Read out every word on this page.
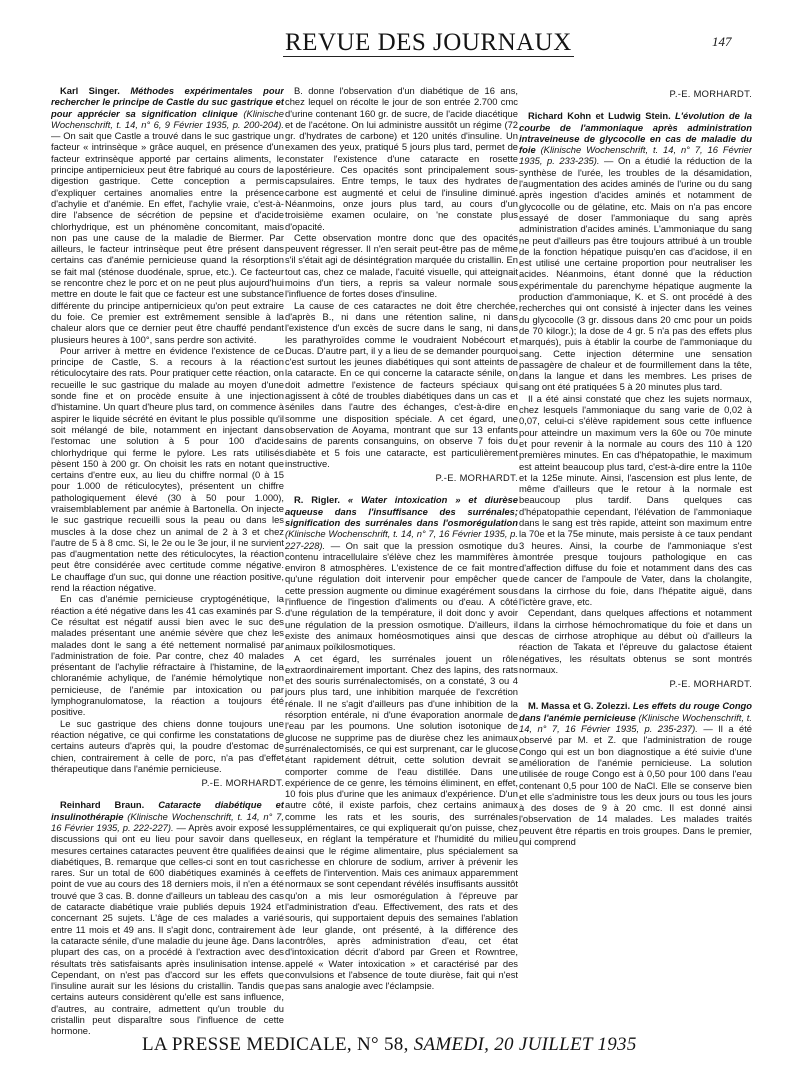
REVUE DES JOURNAUX	147

Karl Singer. Méthodes expérimentales pour rechercher le principe de Castle du suc gastrique et pour apprécier sa signification clinique (Klinische Wochenschrift, t. 14, n° 6, 9 Février 1935, p. 200-204). — On sait que Castle a trouvé dans le suc gastrique un facteur « intrinsèque » grâce auquel, en présence d'un facteur extrinsèque apporté par certains aliments, le principe antipernicieux peut être fabriqué au cours de la digestion gastrique. Cette conception a permis d'expliquer certaines anomalies entre la présence d'achylie et d'anémie. En effet, l'achylie vraie, c'est-à-dire l'absence de sécrétion de pepsine et d'acide chlorhydrique, est un phénomène concomitant, mais non pas une cause de la maladie de Biermer. Par ailleurs, le facteur intrinsèque peut être présent dans certains cas d'anémie pernicieuse quand la résorption se fait mal (sténose duodénale, sprue, etc.). Ce facteur se rencontre chez le porc et on ne peut plus aujourd'hui mettre en doute le fait que ce facteur est une substance différente du principe antipernicieux qu'on peut extraire du foie. Ce premier est extrêmement sensible à la chaleur alors que ce dernier peut être chauffé pendant plusieurs heures à 100°, sans perdre son activité.

Pour arriver à mettre en évidence l'existence de ce principe de Castle, S. a recours à la réaction réticulocytaire des rats. Pour pratiquer cette réaction, on recueille le suc gastrique du malade au moyen d'une sonde fine et on procède ensuite à une injection d'histamine. Un quart d'heure plus tard, on commence à aspirer le liquide sécrété en évitant le plus possible qu'il soit mélangé de bile, notamment en injectant dans l'estomac une solution à 5 pour 100 d'acide chlorhydrique qui ferme le pylore. Les rats utilisés pèsent 150 à 200 gr. On choisit les rats en notant que certains d'entre eux, au lieu du chiffre normal (0 à 15 pour 1.000 de réticulocytes), présentent un chiffre pathologiquement élevé (30 à 50 pour 1.000), vraisemblablement par anémie à Bartonella. On injecte le suc gastrique recueilli sous la peau ou dans les muscles à la dose chez un animal de 2 à 3 et chez l'autre de 5 à 8 cmc. Si, le 2e ou le 3e jour, il ne survient pas d'augmentation nette des réticulocytes, la réaction peut être considérée avec certitude comme négative. Le chauffage d'un suc, qui donne une réaction positive, rend la réaction négative.

En cas d'anémie pernicieuse cryptogénétique, la réaction a été négative dans les 41 cas examinés par S. Ce résultat est négatif aussi bien avec le suc des malades présentant une anémie sévère que chez les malades dont le sang a été nettement normalisé par l'administration de foie. Par contre, chez 40 malades présentant de l'achylie réfractaire à l'histamine, de la chloranémie achylique, de l'anémie hémolytique non pernicieuse, de l'anémie par intoxication ou par lymphogranulomatose, la réaction a toujours été positive.

Le suc gastrique des chiens donne toujours une réaction négative, ce qui confirme les constatations de certains auteurs d'après qui, la poudre d'estomac de chien, contrairement à celle de porc, n'a pas d'effet thérapeutique dans l'anémie pernicieuse.

P.-E. MORHARDT.

Reinhard Braun. Cataracte diabétique et insulinothérapie (Klinische Wochenschrift, t. 14, n° 7, 16 Février 1935, p. 222-227). — Après avoir exposé les discussions qui ont eu lieu pour savoir dans quelles mesures certaines cataractes peuvent être qualifiées de diabétiques, B. remarque que celles-ci sont en tout cas rares. Sur un total de 600 diabétiques examinés à ce point de vue au cours des 18 derniers mois, il n'en a été trouvé que 3 cas. B. donne d'ailleurs un tableau des cas de cataracte diabétique vraie publiés depuis 1924 et concernant 25 sujets. L'âge de ces malades a varié entre 11 mois et 49 ans. Il s'agit donc, contrairement à la cataracte sénile, d'une maladie du jeune âge. Dans la plupart des cas, on a procédé à l'extraction avec des résultats très satisfaisants après insulinisation intense. Cependant, on n'est pas d'accord sur les effets que l'insuline aurait sur les lésions du cristallin. Tandis que certains auteurs considèrent qu'elle est sans influence, d'autres, au contraire, admettent qu'un trouble du cristallin peut disparaître sous l'influence de cette hormone.

B. donne l'observation d'un diabétique de 16 ans, chez lequel on récolte le jour de son entrée 2.700 cmc d'urine contenant 160 gr. de sucre, de l'acide diacétique et de l'acétone. On lui administre aussitôt un régime (72 gr. d'hydrates de carbone) et 120 unités d'insuline. Un examen des yeux, pratiqué 5 jours plus tard, permet de constater l'existence d'une cataracte en rosette postérieure. Ces opacités sont principalement sous-capsulaires. Entre temps, le taux des hydrates de carbone est augmenté et celui de l'insuline diminué. Néanmoins, onze jours plus tard, au cours d'un troisième examen oculaire, on 'ne constate plus d'opacité.

Cette observation montre donc que des opacités peuvent régresser. Il n'en serait peut-être pas de même s'il s'était agi de désintégration marquée du cristallin. En tout cas, chez ce malade, l'acuité visuelle, qui atteignait moins d'un tiers, a repris sa valeur normale sous l'influence de fortes doses d'insuline.

La cause de ces cataractes ne doit être cherchée, d'après B., ni dans une rétention saline, ni dans l'existence d'un excès de sucre dans le sang, ni dans les parathyroïdes comme le voudraient Nobécourt et Ducas. D'autre part, il y a lieu de se demander pourquoi c'est surtout les jeunes diabétiques qui sont atteints de la cataracte. En ce qui concerne la cataracte sénile, on doit admettre l'existence de facteurs spéciaux qui agissent à côté de troubles diabétiques dans un cas et séniles dans l'autre des échanges, c'est-à-dire en somme une disposition spéciale. A cet égard, une observation de Aoyama, montrant que sur 13 enfants sains de parents consanguins, on observe 7 fois du diabète et 5 fois une cataracte, est particulièrement instructive.

P.-E. MORHARDT.

R. Rigler. « Water intoxication » et diurèse aqueuse dans l'insuffisance des surrénales; signification des surrénales dans l'osmorégulation (Klinische Wochenschrift, t. 14, n° 7, 16 Février 1935, p. 227-228). — On sait que la pression osmotique du contenu intracellulaire s'élève chez les mammifères à environ 8 atmosphères. L'existence de ce fait montre qu'une régulation doit intervenir pour empêcher que cette pression augmente ou diminue exagérément sous l'influence de l'ingestion d'aliments ou d'eau. A côté d'une régulation de la température, il doit donc y avoir une régulation de la pression osmotique. D'ailleurs, il existe des animaux homéosmotiques ainsi que des animaux poïkilosmotiques.

A cet égard, les surrénales jouent un rôle extraordinairement important. Chez des lapins, des rats et des souris surrénalectomisés, on a constaté, 3 ou 4 jours plus tard, une inhibition marquée de l'excrétion rénale. Il ne s'agit d'ailleurs pas d'une inhibition de la résorption entérale, ni d'une évaporation anormale de l'eau par les poumons. Une solution isotonique de glucose ne supprime pas de diurèse chez les animaux surrénalectomisés, ce qui est surprenant, car le glucose étant rapidement détruit, cette solution devrait se comporter comme de l'eau distillée. Dans une expérience de ce genre, les témoins éliminent, en effet, 10 fois plus d'urine que les animaux d'expérience. D'un autre côté, il existe parfois, chez certains animaux comme les rats et les souris, des surrénales supplémentaires, ce qui expliquerait qu'on puisse, chez eux, en réglant la température et l'humidité du milieu ainsi que le régime alimentaire, plus spécialement sa richesse en chlorure de sodium, arriver à prévenir les effets de l'intervention. Mais ces animaux apparemment normaux se sont cependant révélés insuffisants aussitôt qu'on a mis leur osmorégulation à l'épreuve par l'administration d'eau. Effectivement, des rats et des souris, qui supportaient depuis des semaines l'ablation de leur glande, ont présenté, à la différence des contrôles, après administration d'eau, cet état d'intoxication décrit d'abord par Green et Rowntree, appelé « Water intoxication » et caractérisé par des convulsions et l'absence de toute diurèse, fait qui n'est pas sans analogie avec l'éclampsie.

P.-E. MORHARDT.

Richard Kohn et Ludwig Stein. L'évolution de la courbe de l'ammoniaque après administration intraveineuse de glycocolle en cas de maladie du foie (Klinische Wochenschrift, t. 14, n° 7, 16 Février 1935, p. 233-235). — On a étudié la réduction de la synthèse de l'urée, les troubles de la désamidation, l'augmentation des acides aminés de l'urine ou du sang après ingestion d'acides aminés et notamment de glycocolle ou de gélatine, etc. Mais on n'a pas encore essayé de doser l'ammoniaque du sang après administration d'acides aminés. L'ammoniaque du sang ne peut d'ailleurs pas être toujours attribué à un trouble de la fonction hépatique puisqu'en cas d'acidose, il en est utilisé une certaine proportion pour neutraliser les acides. Néanmoins, étant donné que la réduction expérimentale du parenchyme hépatique augmente la production d'ammoniaque, K. et S. ont procédé à des recherches qui ont consisté à injecter dans les veines du glycocolle (3 gr. dissous dans 20 cmc pour un poids de 70 kilogr.); la dose de 4 gr. 5 n'a pas des effets plus marqués), puis à établir la courbe de l'ammoniaque du sang. Cette injection détermine une sensation passagère de chaleur et de fourmillement dans la tête, dans la langue et dans les membres. Les prises de sang ont été pratiquées 5 à 20 minutes plus tard.

Il a été ainsi constaté que chez les sujets normaux, chez lesquels l'ammoniaque du sang varie de 0,02 à 0,07, celui-ci s'élève rapidement sous cette influence pour atteindre un maximum vers la 60e ou 70e minute et pour revenir à la normale au cours des 110 à 120 premières minutes. En cas d'hépatopathie, le maximum est atteint beaucoup plus tard, c'est-à-dire entre la 110e et la 125e minute. Ainsi, l'ascension est plus lente, de même d'ailleurs que le retour à la normale est beaucoup plus tardif. Dans quelques cas d'hépatopathie cependant, l'élévation de l'ammoniaque dans le sang est très rapide, atteint son maximum entre la 70e et la 75e minute, mais persiste à ce taux pendant 3 heures. Ainsi, la courbe de l'ammoniaque s'est montrée presque toujours pathologique en cas d'affection diffuse du foie et notamment dans des cas de cancer de l'ampoule de Vater, dans la cholangite, dans la cirrhose du foie, dans l'hépatite aiguë, dans l'ictère grave, etc.

Cependant, dans quelques affections et notamment dans la cirrhose hémochromatique du foie et dans un cas de cirrhose atrophique au début où d'ailleurs la réaction de Takata et l'épreuve du galactose étaient négatives, les résultats obtenus se sont montrés normaux.

P.-E. MORHARDT.

M. Massa et G. Zolezzi. Les effets du rouge Congo dans l'anémie pernicieuse (Klinische Wochenschrift, t. 14, n° 7, 16 Février 1935, p. 235-237). — Il a été observé par M. et Z. que l'administration de rouge Congo qui est un bon diagnostique a été suivie d'une amélioration de l'anémie pernicieuse. La solution utilisée de rouge Congo est à 0,50 pour 100 dans l'eau contenant 0,5 pour 100 de NaCl. Elle se conserve bien et elle s'administre tous les deux jours ou tous les jours à des doses de 9 à 20 cmc. Il est donné ainsi l'observation de 14 malades. Les malades traités peuvent être répartis en trois groupes. Dans le premier, qui comprend

LA PRESSE MEDICALE, N° 58, SAMEDI, 20 JUILLET 1935
